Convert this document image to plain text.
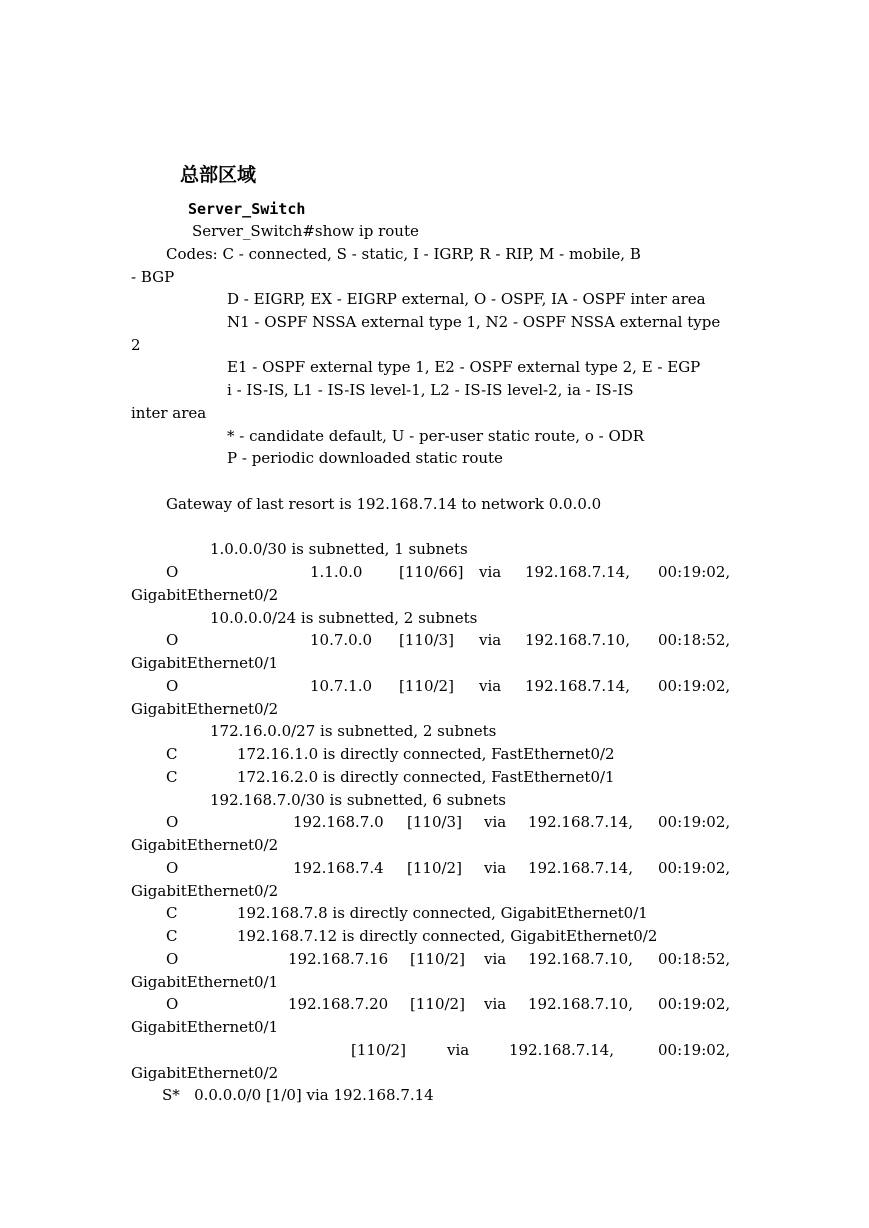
总部区域
Server_Switch
Server_Switch#show ip route
Codes: C - connected, S - static, I - IGRP, R - RIP, M - mobile, B
- BGP
D - EIGRP, EX - EIGRP external, O - OSPF, IA - OSPF inter area
N1 - OSPF NSSA external type 1, N2 - OSPF NSSA external type
2
E1 - OSPF external type 1, E2 - OSPF external type 2, E - EGP
i - IS-IS, L1 - IS-IS level-1, L2 - IS-IS level-2, ia - IS-IS
inter area
* - candidate default, U - per-user static route, o - ODR
P - periodic downloaded static route
Gateway of last resort is 192.168.7.14 to network 0.0.0.0
1.0.0.0/30 is subnetted, 1 subnets
O	1.1.0.0 [110/66] via 192.168.7.14, 00:19:02,
GigabitEthernet0/2
10.0.0.0/24 is subnetted, 2 subnets
O	10.7.0.0 [110/3] via 192.168.7.10, 00:18:52,
GigabitEthernet0/1
O	10.7.1.0 [110/2] via 192.168.7.14, 00:19:02,
GigabitEthernet0/2
172.16.0.0/27 is subnetted, 2 subnets
C	172.16.1.0 is directly connected, FastEthernet0/2
C	172.16.2.0 is directly connected, FastEthernet0/1
192.168.7.0/30 is subnetted, 6 subnets
O	192.168.7.0 [110/3] via 192.168.7.14, 00:19:02,
GigabitEthernet0/2
O	192.168.7.4 [110/2] via 192.168.7.14, 00:19:02,
GigabitEthernet0/2
C	192.168.7.8 is directly connected, GigabitEthernet0/1
C	192.168.7.12 is directly connected, GigabitEthernet0/2
O	192.168.7.16 [110/2] via 192.168.7.10, 00:18:52,
GigabitEthernet0/1
O	192.168.7.20 [110/2] via 192.168.7.10, 00:19:02,
GigabitEthernet0/1
[110/2]	via	192.168.7.14,	00:19:02,
GigabitEthernet0/2
S*   0.0.0.0/0 [1/0] via 192.168.7.14
